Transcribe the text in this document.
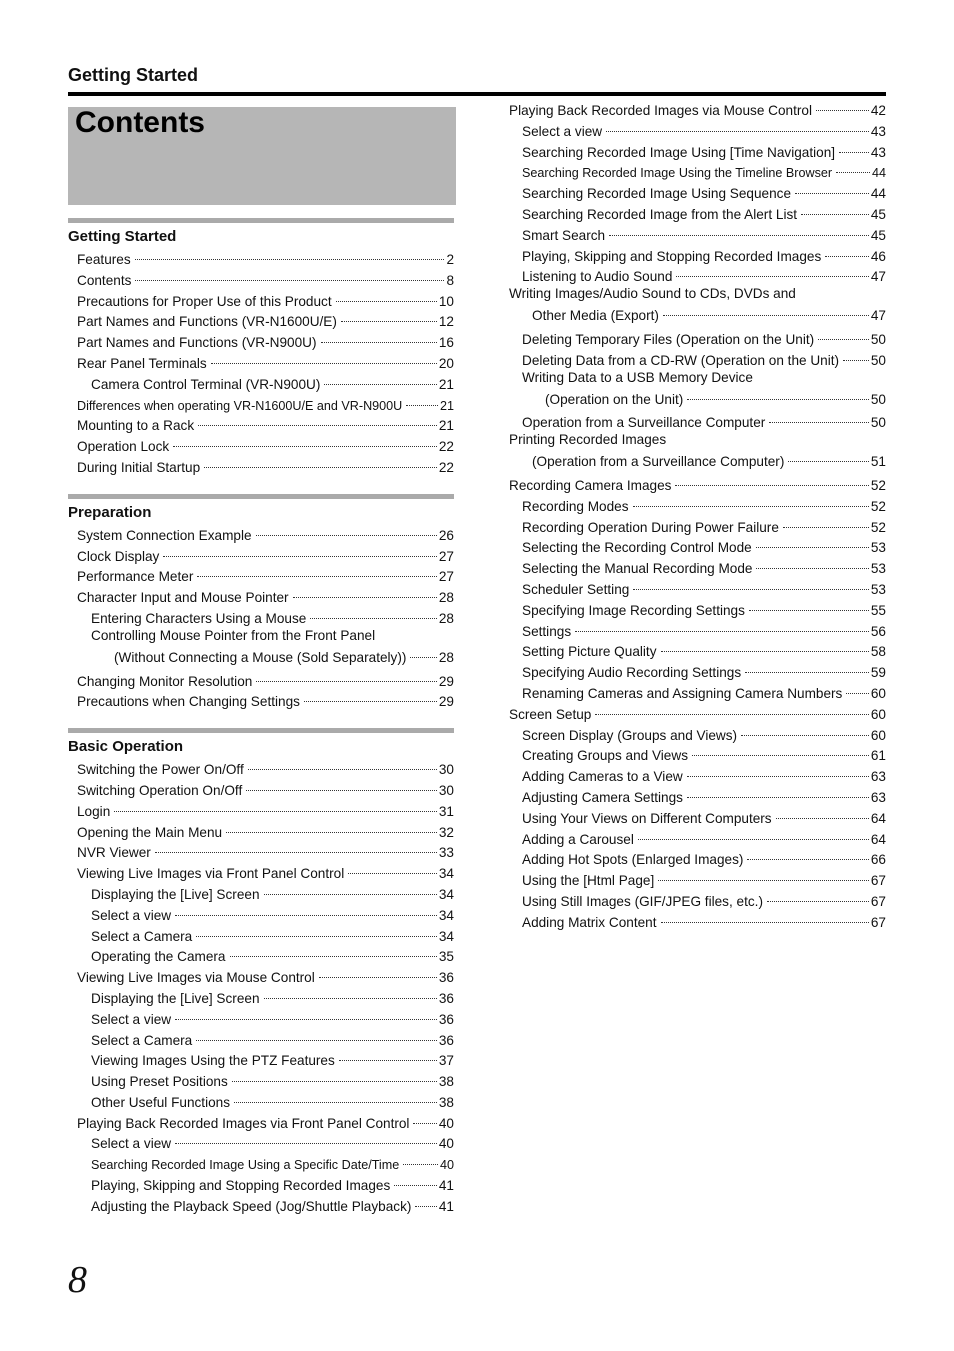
Getting Started
Contents
Getting Started
Features	2
Contents	8
Precautions for Proper Use of this Product	10
Part Names and Functions (VR-N1600U/E)	12
Part Names and Functions (VR-N900U)	16
Rear Panel Terminals	20
Camera Control Terminal (VR-N900U)	21
Differences when operating VR-N1600U/E and VR-N900U	21
Mounting to a Rack	21
Operation Lock	22
During Initial Startup	22
Preparation
System Connection Example	26
Clock Display	27
Performance Meter	27
Character Input and Mouse Pointer	28
Entering Characters Using a Mouse	28
Controlling Mouse Pointer from the Front Panel
(Without Connecting a Mouse (Sold Separately)) 28
Changing Monitor Resolution	29
Precautions when Changing Settings	29
Basic Operation
Switching the Power On/Off	30
Switching Operation On/Off	30
Login	31
Opening the Main Menu	32
NVR Viewer	33
Viewing Live Images via Front Panel Control	34
Displaying the [Live] Screen	34
Select a view	34
Select a Camera	34
Operating the Camera	35
Viewing Live Images via Mouse Control	36
Displaying the [Live] Screen	36
Select a view	36
Select a Camera	36
Viewing Images Using the PTZ Features	37
Using Preset Positions	38
Other Useful Functions	38
Playing Back Recorded Images via Front Panel Control 40
Select a view	40
Searching Recorded Image Using a Specific Date/Time	40
Playing, Skipping and Stopping Recorded Images	41
Adjusting the Playback Speed (Jog/Shuttle Playback) 41
Playing Back Recorded Images via Mouse Control	42
Select a view	43
Searching Recorded Image Using [Time Navigation]	43
Searching Recorded Image Using the Timeline Browser	44
Searching Recorded Image Using Sequence	44
Searching Recorded Image from the Alert List	45
Smart Search	45
Playing, Skipping and Stopping Recorded Images	46
Listening to Audio Sound	47
Writing Images/Audio Sound to CDs, DVDs and
Other Media (Export)	47
Deleting Temporary Files (Operation on the Unit)	50
Deleting Data from a CD-RW (Operation on the Unit) 50
Writing Data to a USB Memory Device
(Operation on the Unit)	50
Operation from a Surveillance Computer	50
Printing Recorded Images
(Operation from a Surveillance Computer)	51
Recording Camera Images	52
Recording Modes	52
Recording Operation During Power Failure	52
Selecting the Recording Control Mode	53
Selecting the Manual Recording Mode	53
Scheduler Setting	53
Specifying Image Recording Settings	55
Settings	56
Setting Picture Quality	58
Specifying Audio Recording Settings	59
Renaming Cameras and Assigning Camera Numbers 60
Screen Setup	60
Screen Display (Groups and Views)	60
Creating Groups and Views	61
Adding Cameras to a View	63
Adjusting Camera Settings	63
Using Your Views on Different Computers	64
Adding a Carousel	64
Adding Hot Spots (Enlarged Images)	66
Using the [Html Page]	67
Using Still Images (GIF/JPEG files, etc.)	67
Adding Matrix Content	67
8
